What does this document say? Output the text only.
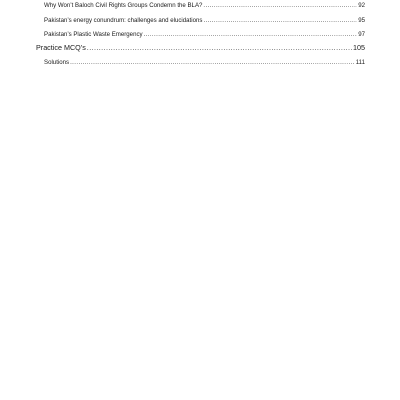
Why Won’t Baloch Civil Rights Groups Condemn the BLA? .....	92
Pakistan’s energy conundrum: challenges and elucidations .....	95
Pakistan’s Plastic Waste Emergency .....	97
Practice MCQ’s .....	105
Solutions .....	111
